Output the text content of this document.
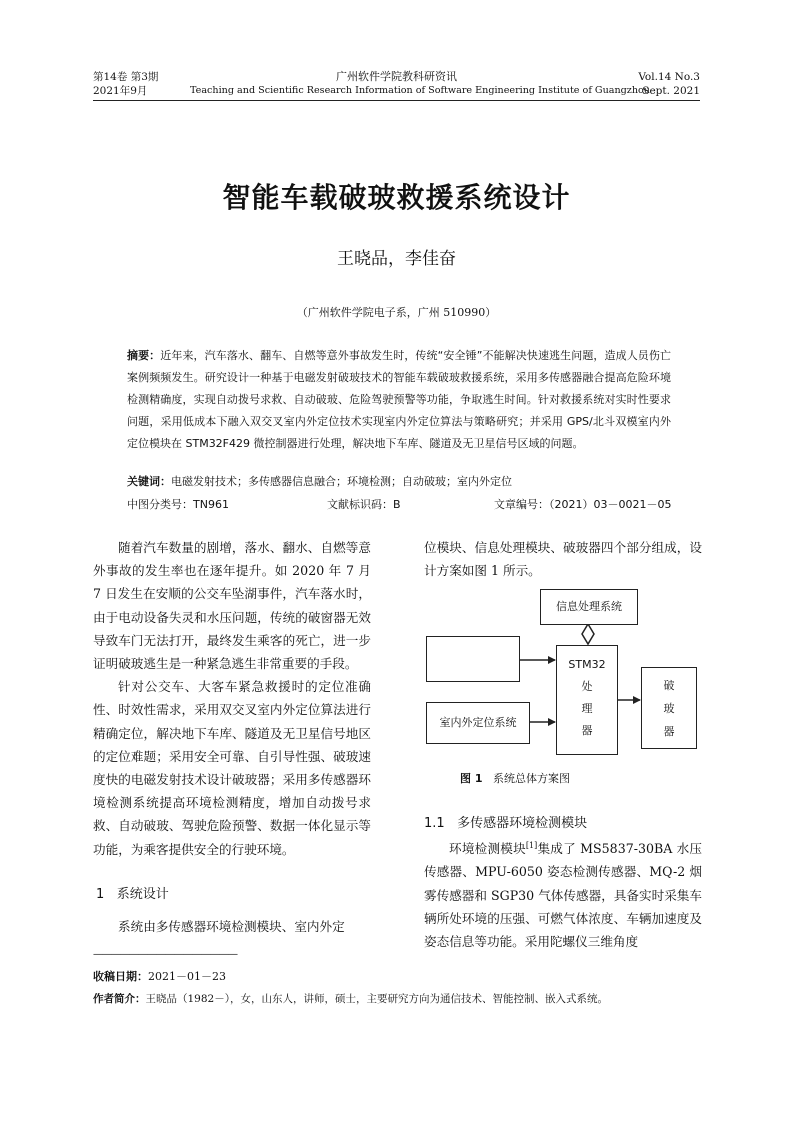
第14卷 第3期
2021年9月
广州软件学院教科研资讯
Teaching and Scientific Research Information of Software Engineering Institute of Guangzhou
Vol.14 No.3
Sept. 2021
智能车载破玻救援系统设计
王晓品，李佳奋
（广州软件学院电子系，广州 510990）
摘要：近年来，汽车落水、翻车、自燃等意外事故发生时，传统“安全锤”不能解决快速逃生问题，造成人员伤亡案例频频发生。研究设计一种基于电磁发射破玻技术的智能车载破玻救援系统，采用多传感器融合提高危险环境检测精确度，实现自动拨号求救、自动破玻、危险驾驶预警等功能，争取逃生时间。针对救援系统对实时性要求问题，采用低成本下融入双交叉室内外定位技术实现室内外定位算法与策略研究；并采用 GPS/北斗双模室内外定位模块在 STM32F429 微控制器进行处理，解决地下车库、隧道及无卫星信号区域的问题。
关键词：电磁发射技术；多传感器信息融合；环境检测；自动破玻；室内外定位
中图分类号：TN961	文献标识码：B	文章编号：（2021）03－0021－05

随着汽车数量的剧增，落水、翻水、自燃等意外事故的发生率也在逐年提升。如 2020 年 7 月 7 日发生在安顺的公交车坠湖事件，汽车落水时，由于电动设备失灵和水压问题，传统的破窗器无效导致车门无法打开，最终发生乘客的死亡，进一步证明破玻逃生是一种紧急逃生非常重要的手段。

针对公交车、大客车紧急救援时的定位准确性、时效性需求，采用双交叉室内外定位算法进行精确定位，解决地下车库、隧道及无卫星信号地区的定位难题；采用安全可靠、自引导性强、破玻速度快的电磁发射技术设计破玻器；采用多传感器环境检测系统提高环境检测精度，增加自动拨号求救、自动破玻、驾驶危险预警、数据一体化显示等功能，为乘客提供安全的行驶环境。

1 系统设计

系统由多传感器环境检测模块、室内外定

位模块、信息处理模块、破玻器四个部分组成，设计方案如图 1 所示。

信息处理系统
STM32
处
理
器
室内外定位系统
破
玻
器
图 1 系统总体方案图
1.1 多传感器环境检测模块

环境检测模块[1]集成了 MS5837-30BA 水压传感器、MPU-6050 姿态检测传感器、MQ-2 烟雾传感器和 SGP30 气体传感器，具备实时采集车辆所处环境的压强、可燃气体浓度、车辆加速度及姿态信息等功能。采用陀螺仪三维角度

————————————————
收稿日期：2021－01－23
作者简介：王晓品（1982－），女，山东人，讲师，硕士，主要研究方向为通信技术、智能控制、嵌入式系统。
